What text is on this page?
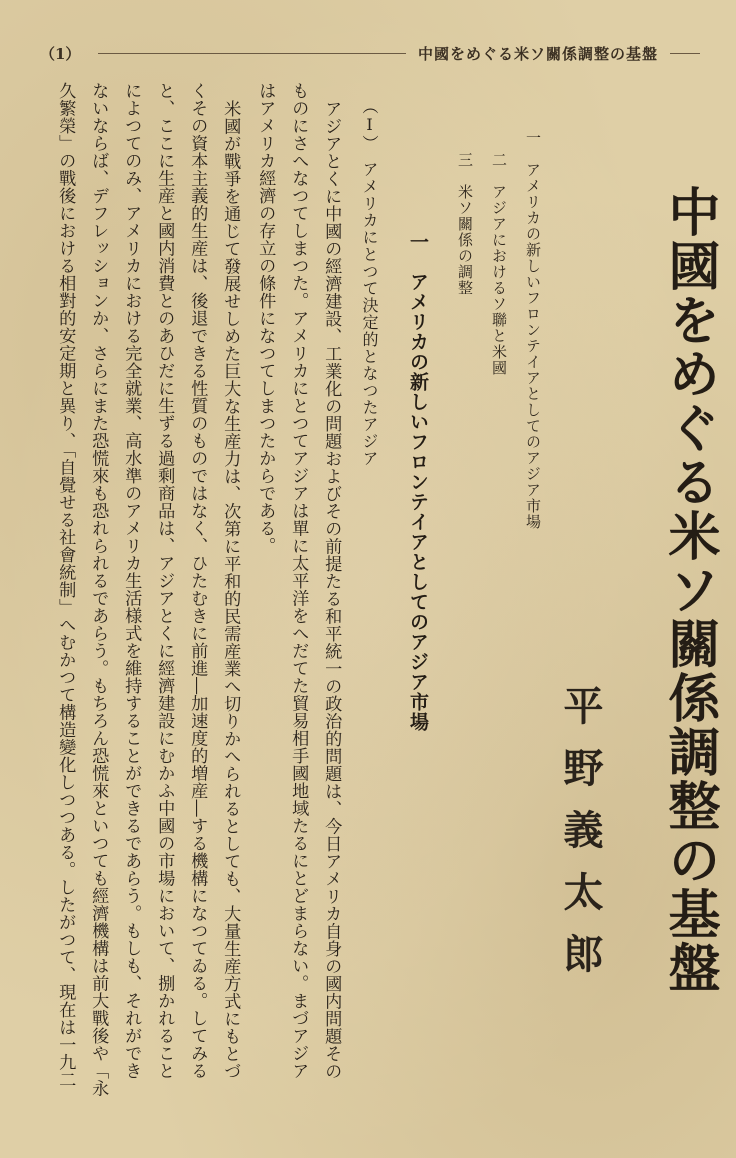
（1）	中國をめぐる米ソ關係調整の基盤
中國をめぐる米ソ關係調整の基盤
平野義太郎
一　アメリカの新しいフロンテイアとしてのアジア市場
二　アジアにおけるソ聯と米國
三　米ソ關係の調整
一　アメリカの新しいフロンテイアとしてのアジア市場
（Ⅰ）　アメリカにとつて決定的となつたアジア
アジアとくに中國の經濟建設、工業化の問題およびその前提たる和平統一の政治的問題は、今日アメリカ自身の國内問題その
ものにさへなつてしまつた。アメリカにとつてアジアは單に太平洋をへだてた貿易相手國地域たるにとどまらない。まづアジア
はアメリカ經濟の存立の條件になつてしまつたからである。
米國が戰爭を通じて發展せしめた巨大な生産力は、次第に平和的民需産業へ切りかへられるとしても、大量生産方式にもとづ
くその資本主義的生産は、後退できる性質のものではなく、ひたむきに前進―加速度的増産―する機構になつてゐる。してみる
と、ここに生産と國内消費とのあひだに生ずる過剩商品は、アジアとくに經濟建設にむかふ中國の市場において、捌かれること
によつてのみ、アメリカにおける完全就業、高水準のアメリカ生活様式を維持することができるであらう。もしも、それができ
ないならば、デフレッションか、さらにまた恐慌來も恐れられるであらう。もちろん恐慌來といつても經濟機構は前大戰後や「永
久繁榮」の戰後における相對的安定期と異り、「自覺せる社會統制」へむかつて構造變化しつつある。したがつて、現在は一九二
